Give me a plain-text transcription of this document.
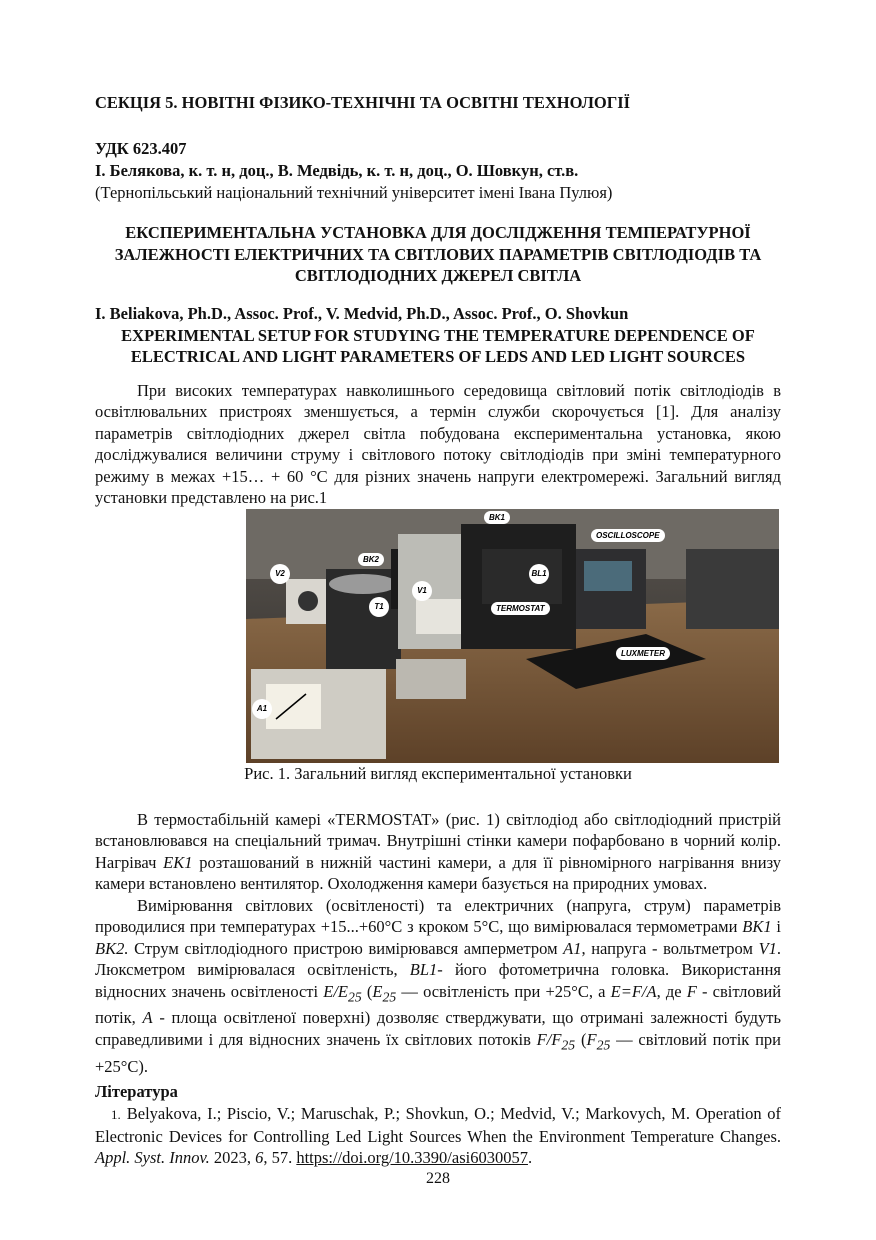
СЕКЦІЯ 5. НОВІТНІ ФІЗИКО-ТЕХНІЧНІ ТА ОСВІТНІ ТЕХНОЛОГІЇ
УДК 623.407
І. Белякова, к. т. н, доц., В. Медвідь, к. т. н, доц., О. Шовкун, ст.в.
(Тернопільський національний технічний університет імені Івана Пулюя)
ЕКСПЕРИМЕНТАЛЬНА УСТАНОВКА ДЛЯ ДОСЛІДЖЕННЯ ТЕМПЕРАТУРНОЇ ЗАЛЕЖНОСТІ ЕЛЕКТРИЧНИХ ТА СВІТЛОВИХ ПАРАМЕТРІВ СВІТЛОДІОДІВ ТА СВІТЛОДІОДНИХ ДЖЕРЕЛ СВІТЛА
I. Beliakova, Ph.D., Assoc. Prof., V. Medvid, Ph.D., Assoc. Prof., O. Shovkun
EXPERIMENTAL SETUP FOR STUDYING THE TEMPERATURE DEPENDENCE OF ELECTRICAL AND LIGHT PARAMETERS OF LEDS AND LED LIGHT SOURCES

При високих температурах навколишнього середовища світловий потік світлодіодів в освітлювальних пристроях зменшується, а термін служби скорочується [1]. Для аналізу параметрів світлодіодних джерел світла побудована експериментальна установка, якою досліджувалися величини струму і світлового потоку світлодіодів при зміні температурного режиму в межах +15… + 60 °С для різних значень напруги електромережі. Загальний вигляд установки представлено на рис.1

BK1
OSCILLOSCOPE
BK2
V2	BL1
V1
T1	TERMOSTAT
LUXMETER
A1
Рис. 1. Загальний вигляд експериментальної установки

В термостабільній камері «TERMOSTAT» (рис. 1) світлодіод або світлодіодний пристрій встановлювався на спеціальний тримач. Внутрішні стінки камери пофарбовано в чорний колір. Нагрівач EK1 розташований в нижній частині камери, а для її рівномірного нагрівання внизу камери встановлено вентилятор. Охолодження камери базується на природних умовах.

Вимірювання світлових (освітленості) та електричних (напруга, струм) параметрів проводилися при температурах +15...+60°С з кроком 5°С, що вимірювалася термометрами BK1 і BK2. Струм світлодіодного пристрою вимірювався амперметром A1, напруга - вольтметром V1. Люксметром вимірювалася освітленість, BL1- його фотометрична головка. Використання відносних значень освітленості $E/E_{25}$ ($E_{25}$ — освітленість при +25°С, а E=F/A, де F - світловий потік, A - площа освітленої поверхні) дозволяє стверджувати, що отримані залежності будуть справедливими і для відносних значень їх світлових потоків $F/F_{25}$ ($F_{25}$ — світловий потік при +25°С).

Література
1. Belyakova, I.; Piscio, V.; Maruschak, P.; Shovkun, O.; Medvid, V.; Markovych, M. Operation of Electronic Devices for Controlling Led Light Sources When the Environment Temperature Changes. Appl. Syst. Innov. 2023, 6, 57. https://doi.org/10.3390/asi6030057.
228
